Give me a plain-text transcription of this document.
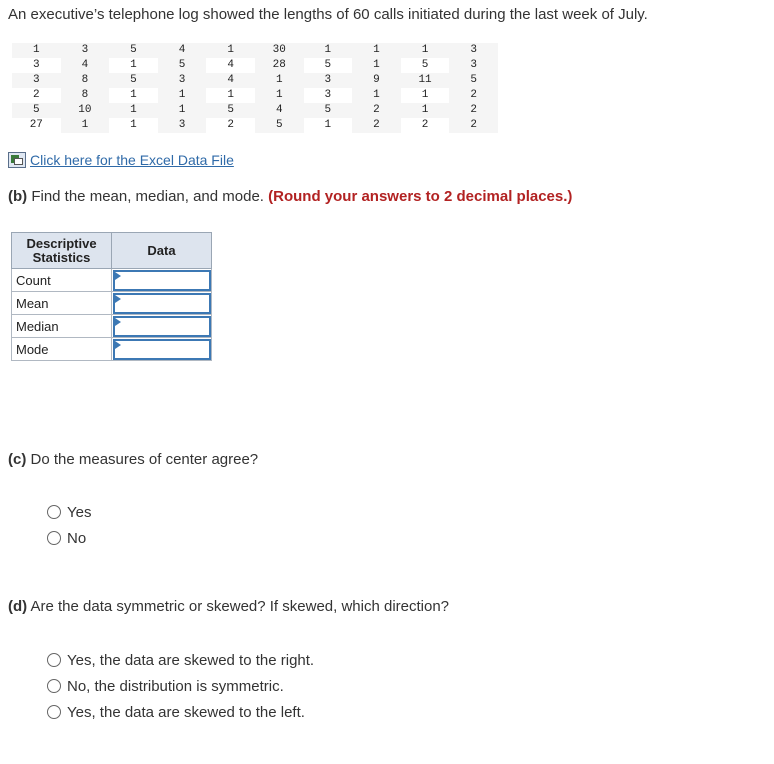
An executive’s telephone log showed the lengths of 60 calls initiated during the last week of July.
1	3	5	4	1	30	1	1	1	3
3	4	1	5	4	28	5	1	5	3
3	8	5	3	4	1	3	9	11	5
2	8	1	1	1	1	3	1	1	2
5	10	1	1	5	4	5	2	1	2
27	1	1	3	2	5	1	2	2	2
Click here for the Excel Data File
(b) Find the mean, median, and mode. (Round your answers to 2 decimal places.)
Descriptive Statistics	Data
Count	

Mean	

Median	

Mode	
(c) Do the measures of center agree?
Yes
No
(d) Are the data symmetric or skewed? If skewed, which direction?
Yes, the data are skewed to the right.
No, the distribution is symmetric.
Yes, the data are skewed to the left.
